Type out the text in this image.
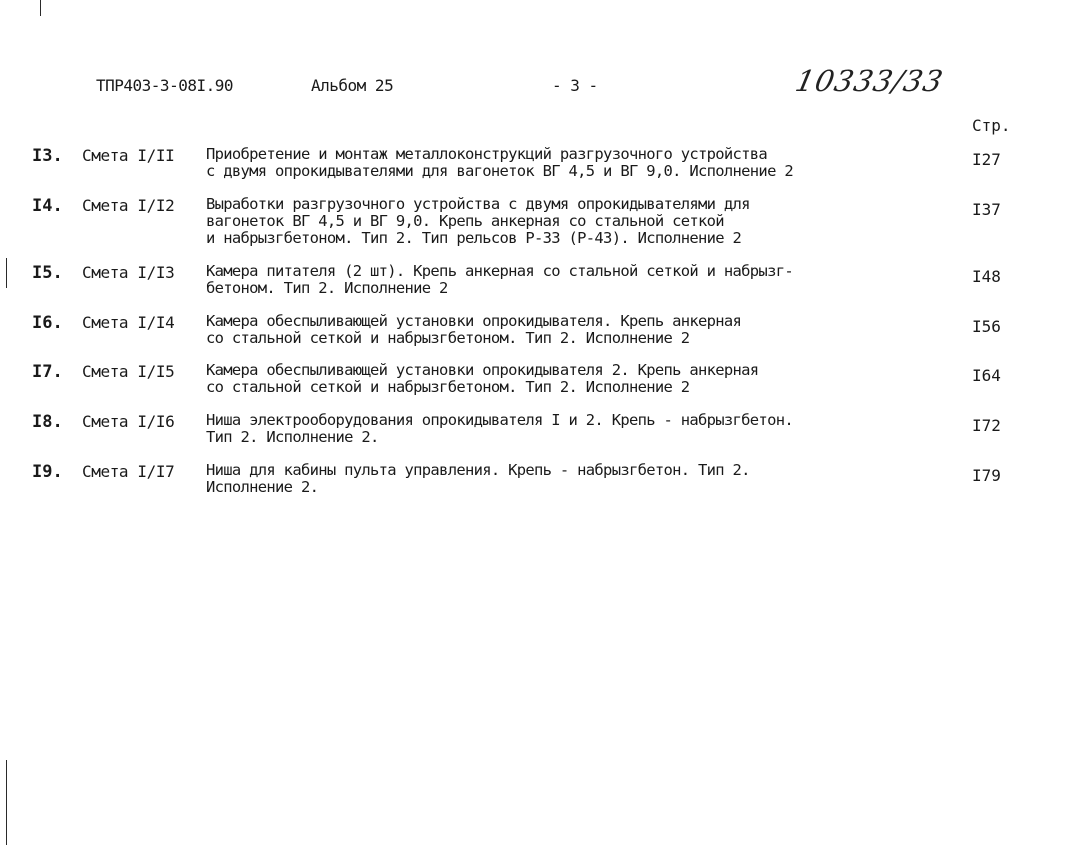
ТПР403-3-08I.90	Альбом 25	- 3 -	10333/33
Стр.
I3. Смета I/II Приобретение и монтаж металлоконструкций разгрузочного устройства
с двумя опрокидывателями для вагонеток ВГ 4,5 и ВГ 9,0. Исполнение 2
I27
I4. Смета I/I2 Выработки разгрузочного устройства с двумя опрокидывателями для
вагонеток ВГ 4,5 и ВГ 9,0. Крепь анкерная со стальной сеткой
и набрызгбетоном. Тип 2. Тип рельсов Р-33 (Р-43). Исполнение 2
I37
I5. Смета I/I3 Камера питателя (2 шт). Крепь анкерная со стальной сеткой и набрызг-
бетоном. Тип 2. Исполнение 2
I48
I6. Смета I/I4 Камера обеспыливающей установки опрокидывателя. Крепь анкерная
со стальной сеткой и набрызгбетоном. Тип 2. Исполнение 2
I56
I7. Смета I/I5 Камера обеспыливающей установки опрокидывателя 2. Крепь анкерная
со стальной сеткой и набрызгбетоном. Тип 2. Исполнение 2
I64
I8. Смета I/I6 Ниша электрооборудования опрокидывателя I и 2. Крепь - набрызгбетон.
Тип 2. Исполнение 2.
I72
I9. Смета I/I7 Ниша для кабины пульта управления. Крепь - набрызгбетон. Тип 2.
Исполнение 2.
I79
